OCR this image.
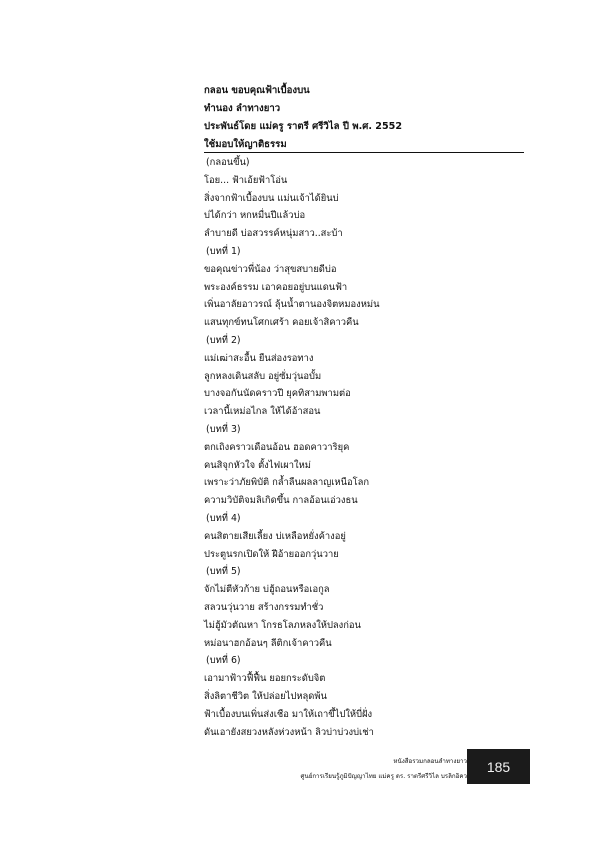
กลอน ขอบคุณฟ้าเบื้องบน
ทำนอง ลำทางยาว
ประพันธ์โดย แม่ครู ราตรี ศรีวิไล ปี พ.ศ. 2552
ใช้มอบให้ญาติธรรม
(กลอนขึ้น)
โอย... ฟ้าเอ้ยฟ้าโอ่น
สิ่งจากฟ้าเบื้องบน แม่นเจ้าได้ยินบ่
บ่ได้กว่า หกหมื่นปีแล้วบ่อ
ลำบายดี บ่อสวรรค์หนุ่มสาว..สะบ้า
(บทที่ 1)
ขอคุณข่าวพี่น้อง ว่าสุขสบายดีบ่อ
พระองค์ธรรม เอาคอยอยู่บนแดนฟ้า
เพิ่นอาลัยอาวรณ์ ลุ้นน้ำตานองจิตหมองหม่น
แสนทุกข์ทนโศกเศร้า คอยเจ้าสิคาวคืน
(บทที่ 2)
แม่เฒ่าสะอื้น ยืนส่องรอทาง
ลูกหลงเดินสลับ อยู่ซั่มวุ่นอบั้ม
บางจอกันนัดคราวปี ยุคทิสามพามต่อ
เวลานี้เหม่อไกล ให้ได้อ้าสอน
(บทที่ 3)
ตกเถิงคราวเดือนอ้อน ฮอดคาวาริยุค
คนสิจุกหัวใจ ตั้งไฟเผาใหม่
เพราะว่าภัยพิบัติ กล้ำลืนผลลาญเหนือโลก
ความวิบัติจมลิเกิดขึ้น กาลอ้อนเอ่วงธน
(บทที่ 4)
คนสิตายเสียเลี้ยง บ่เหลือหยั่งค้างอยู่
ประตูนรกเปิดให้ ฝีอ้ายออกวุ่นวาย
(บทที่ 5)
จักไม่ตีหัวก้าย บ่ฮู้ถอนหรือเอกูล
สลวนวุ่นวาย สร้างกรรมทำชั่ว
ไม่ฮู้มัวตัณหา โกรธโลภหลงให้ปลงก่อน
หม่อนาฮกอ้อนๆ ลีติกเจ้าคาวคืน
(บทที่ 6)
เอามาฟ้าวฟื้ฟื้น ยอยกระดับจิต
สิ่งลิตาชีวิต ให้ปล่อยไปหลุดพ้น
ฟ้าเบื้องบนเพิ่นส่งเชือ มาให้เถาขึ้ไปให้บี่ฝั่ง
ดันเอายังสยวงหลังห่วงหน้า ลิวบ่าบ่วงบ่เช่า
หนังสือรวมกลอนลำทางยาว
ศูนย์การเรียนรู้ภูมิปัญญาไทย แม่ครู ดร. ราตรีศรีวิไล บรลิกอิคว
185
